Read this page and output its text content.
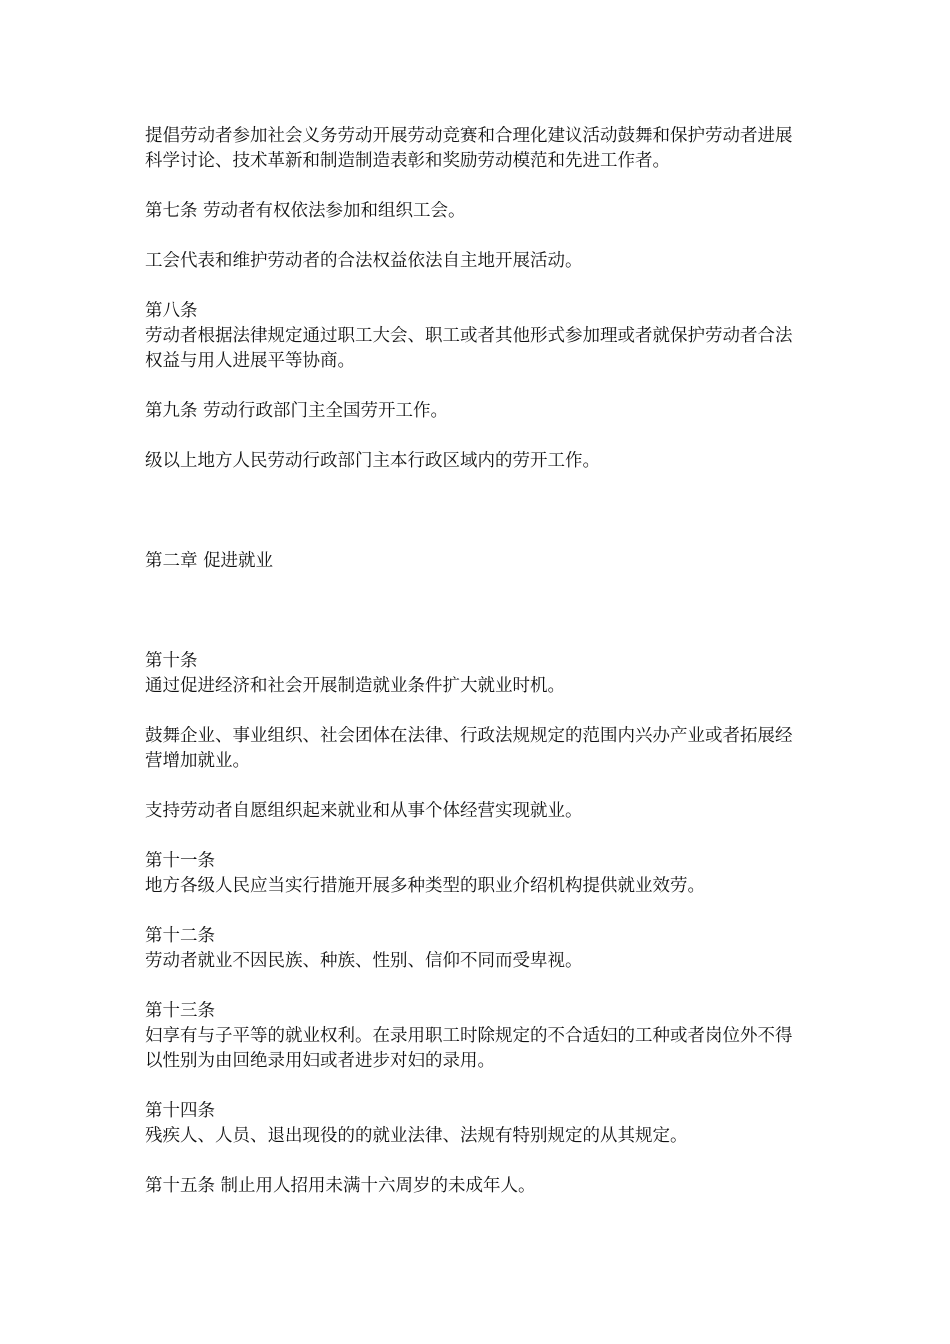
提倡劳动者参加社会义务劳动开展劳动竞赛和合理化建议活动鼓舞和保护劳动者进展科学讨论、技术革新和制造制造表彰和奖励劳动模范和先进工作者。

第七条 劳动者有权依法参加和组织工会。

工会代表和维护劳动者的合法权益依法自主地开展活动。

第八条

劳动者根据法律规定通过职工大会、职工或者其他形式参加理或者就保护劳动者合法权益与用人进展平等协商。

第九条 劳动行政部门主全国劳开工作。

级以上地方人民劳动行政部门主本行政区域内的劳开工作。

第二章 促进就业

第十条

通过促进经济和社会开展制造就业条件扩大就业时机。

鼓舞企业、事业组织、社会团体在法律、行政法规规定的范围内兴办产业或者拓展经营增加就业。

支持劳动者自愿组织起来就业和从事个体经营实现就业。

第十一条

地方各级人民应当实行措施开展多种类型的职业介绍机构提供就业效劳。

第十二条

劳动者就业不因民族、种族、性别、信仰不同而受卑视。

第十三条

妇享有与子平等的就业权利。在录用职工时除规定的不合适妇的工种或者岗位外不得以性别为由回绝录用妇或者进步对妇的录用。

第十四条

残疾人、人员、退出现役的的就业法律、法规有特别规定的从其规定。

第十五条 制止用人招用未满十六周岁的未成年人。
